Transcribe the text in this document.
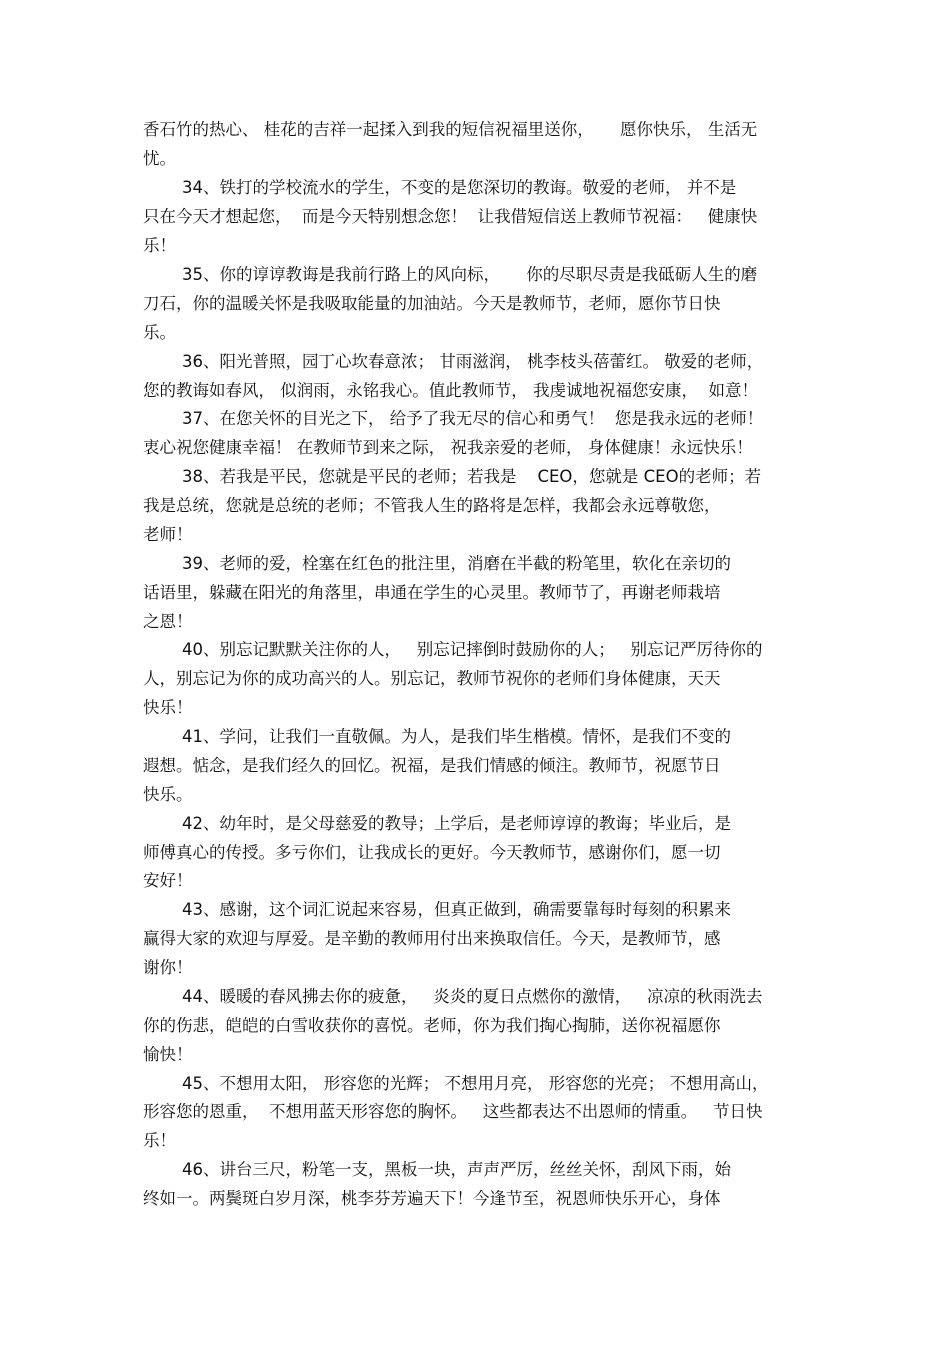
香石竹的热心、 桂花的吉祥一起揉入到我的短信祝福里送你，     愿你快乐， 生活无
忧。
34、铁打的学校流水的学生，不变的是您深切的教诲。敬爱的老师， 并不是
只在今天才想起您，  而是今天特别想念您！  让我借短信送上教师节祝福：   健康快
乐！
35、你的谆谆教诲是我前行路上的风向标，     你的尽职尽责是我砥砺人生的磨
刀石，你的温暖关怀是我吸取能量的加油站。今天是教师节，老师，愿你节日快
乐。
36、阳光普照，园丁心坎春意浓； 甘雨滋润， 桃李枝头蓓蕾红。 敬爱的老师，
您的教诲如春风， 似润雨，永铭我心。值此教师节， 我虔诚地祝福您安康，  如意！
37、在您关怀的目光之下， 给予了我无尽的信心和勇气！  您是我永远的老师！
衷心祝您健康幸福！ 在教师节到来之际， 祝我亲爱的老师， 身体健康！永远快乐！
38、若我是平民，您就是平民的老师；若我是    CEO，您就是 CEO的老师；若
我是总统，您就是总统的老师；不管我人生的路将是怎样，我都会永远尊敬您，
老师！
39、老师的爱，栓塞在红色的批注里，消磨在半截的粉笔里，软化在亲切的
话语里，躲藏在阳光的角落里，串通在学生的心灵里。教师节了，再谢老师栽培
之恩！
40、别忘记默默关注你的人，   别忘记摔倒时鼓励你的人；   别忘记严厉待你的
人，别忘记为你的成功高兴的人。别忘记，教师节祝你的老师们身体健康，天天
快乐！
41、学问，让我们一直敬佩。为人，是我们毕生楷模。情怀，是我们不变的
遐想。惦念，是我们经久的回忆。祝福，是我们情感的倾注。教师节，祝愿节日
快乐。
42、幼年时，是父母慈爱的教导；上学后，是老师谆谆的教诲；毕业后，是
师傅真心的传授。多亏你们，让我成长的更好。今天教师节，感谢你们，愿一切
安好！
43、感谢，这个词汇说起来容易，但真正做到，确需要靠每时每刻的积累来
赢得大家的欢迎与厚爱。是辛勤的教师用付出来换取信任。今天，是教师节，感
谢你！
44、暖暖的春风拂去你的疲惫，   炎炎的夏日点燃你的激情，   凉凉的秋雨洗去
你的伤悲，皑皑的白雪收获你的喜悦。老师，你为我们掏心掏肺，送你祝福愿你
愉快！
45、不想用太阳， 形容您的光辉； 不想用月亮， 形容您的光亮； 不想用高山，
形容您的恩重，  不想用蓝天形容您的胸怀。   这些都表达不出恩师的情重。   节日快
乐！
46、讲台三尺，粉笔一支，黑板一块，声声严厉，丝丝关怀，刮风下雨，始
终如一。两鬓斑白岁月深，桃李芬芳遍天下！今逢节至，祝恩师快乐开心，身体
